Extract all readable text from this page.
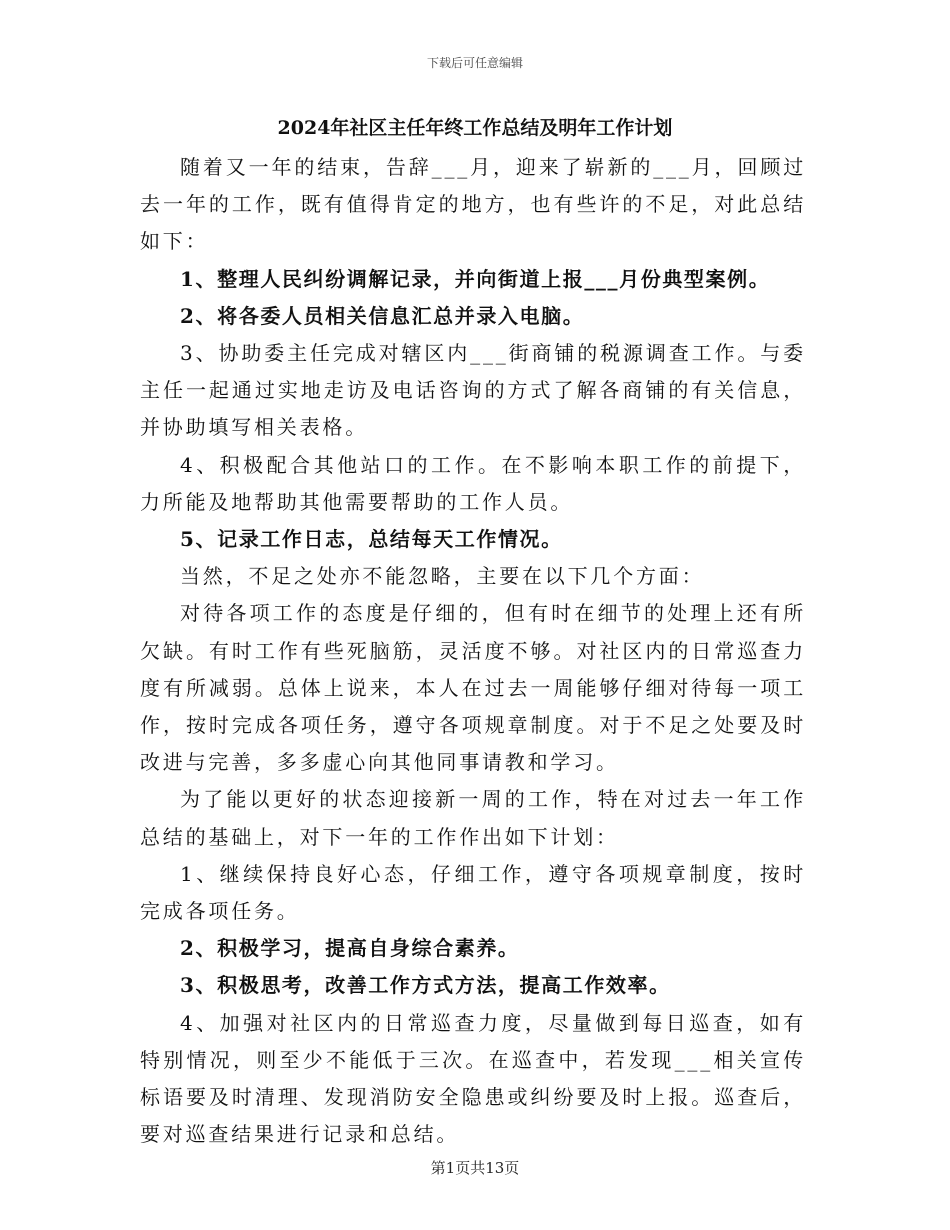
下载后可任意编辑
2024年社区主任年终工作总结及明年工作计划

随着又一年的结束，告辞___月，迎来了崭新的___月，回顾过去一年的工作，既有值得肯定的地方，也有些许的不足，对此总结如下：

1、整理人民纠纷调解记录，并向街道上报___月份典型案例。

2、将各委人员相关信息汇总并录入电脑。

3、协助委主任完成对辖区内___街商铺的税源调查工作。与委主任一起通过实地走访及电话咨询的方式了解各商铺的有关信息，并协助填写相关表格。

4、积极配合其他站口的工作。在不影响本职工作的前提下，力所能及地帮助其他需要帮助的工作人员。

5、记录工作日志，总结每天工作情况。

当然，不足之处亦不能忽略，主要在以下几个方面：

对待各项工作的态度是仔细的，但有时在细节的处理上还有所欠缺。有时工作有些死脑筋，灵活度不够。对社区内的日常巡查力度有所减弱。总体上说来，本人在过去一周能够仔细对待每一项工作，按时完成各项任务，遵守各项规章制度。对于不足之处要及时改进与完善，多多虚心向其他同事请教和学习。

为了能以更好的状态迎接新一周的工作，特在对过去一年工作总结的基础上，对下一年的工作作出如下计划：

1、继续保持良好心态，仔细工作，遵守各项规章制度，按时完成各项任务。

2、积极学习，提高自身综合素养。

3、积极思考，改善工作方式方法，提高工作效率。

4、加强对社区内的日常巡查力度，尽量做到每日巡查，如有特别情况，则至少不能低于三次。在巡查中，若发现___相关宣传标语要及时清理、发现消防安全隐患或纠纷要及时上报。巡查后，要对巡查结果进行记录和总结。

第1页共13页
